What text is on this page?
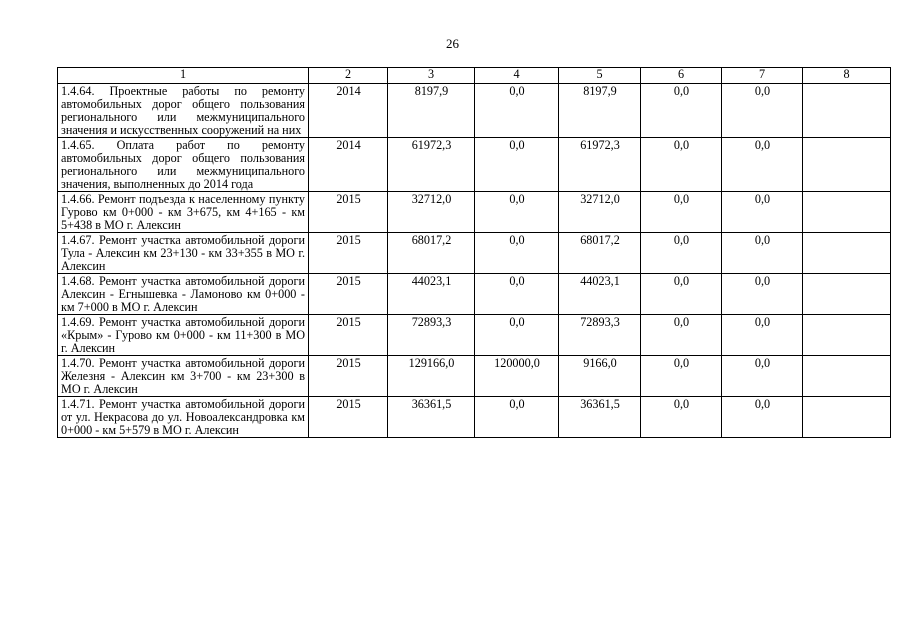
26
1	2	3	4	5	6	7	8
1.4.64. Проектные работы по ремонту автомобильных дорог общего пользования регионального или межмуниципального значения и искусственных сооружений на них	2014	8197,9	0,0	8197,9	0,0	0,0	
1.4.65. Оплата работ по ремонту автомобильных дорог общего пользования регионального или межмуниципального значения, выполненных до 2014 года	2014	61972,3	0,0	61972,3	0,0	0,0	
1.4.66. Ремонт подъезда к населенному пункту Гурово км 0+000 - км 3+675, км 4+165 - км 5+438 в МО г. Алексин	2015	32712,0	0,0	32712,0	0,0	0,0	
1.4.67. Ремонт участка автомобильной дороги Тула - Алексин км 23+130 - км 33+355 в МО г. Алексин	2015	68017,2	0,0	68017,2	0,0	0,0	
1.4.68. Ремонт участка автомобильной дороги Алексин - Егнышевка - Ламоново км 0+000 - км 7+000 в МО г. Алексин	2015	44023,1	0,0	44023,1	0,0	0,0	
1.4.69. Ремонт участка автомобильной дороги «Крым» - Гурово км 0+000 - км 11+300 в МО г. Алексин	2015	72893,3	0,0	72893,3	0,0	0,0	
1.4.70. Ремонт участка автомобильной дороги Железня - Алексин км 3+700 - км 23+300 в МО г. Алексин	2015	129166,0	120000,0	9166,0	0,0	0,0	
1.4.71. Ремонт участка автомобильной дороги от ул. Некрасова до ул. Новоалександровка км 0+000 - км 5+579 в МО г. Алексин	2015	36361,5	0,0	36361,5	0,0	0,0	
